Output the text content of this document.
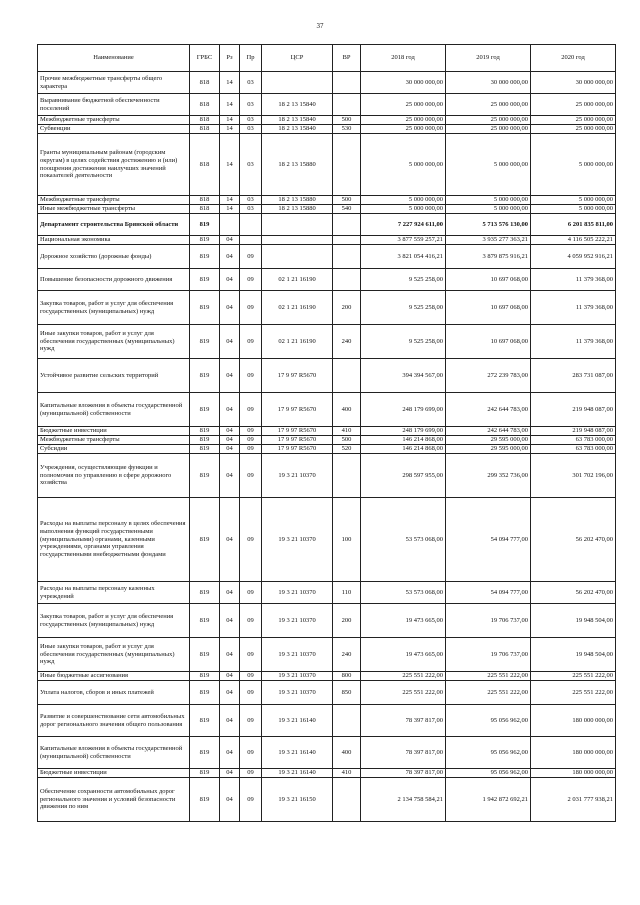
37
Наименование	ГРБС	Рз	Пр	ЦСР	ВР	2018 год	2019 год	2020 год
Прочие межбюджетные трансферты общего характера	818	14	03			30 000 000,00	30 000 000,00	30 000 000,00
Выравнивание бюджетной обеспеченности поселений	818	14	03	18 2 13 15840		25 000 000,00	25 000 000,00	25 000 000,00
Межбюджетные трансферты	818	14	03	18 2 13 15840	500	25 000 000,00	25 000 000,00	25 000 000,00
Субвенции	818	14	03	18 2 13 15840	530	25 000 000,00	25 000 000,00	25 000 000,00
Гранты муниципальным районам (городским округам) в целях содействия достижению и (или) поощрения достижения наилучших значений показателей деятельности	818	14	03	18 2 13 15880		5 000 000,00	5 000 000,00	5 000 000,00
Межбюджетные трансферты	818	14	03	18 2 13 15880	500	5 000 000,00	5 000 000,00	5 000 000,00
Иные межбюджетные трансферты	818	14	03	18 2 13 15880	540	5 000 000,00	5 000 000,00	5 000 000,00
Департамент строительства Брянской области	819					7 227 924 611,00	5 713 576 130,00	6 201 835 811,00
Национальная экономика	819	04				3 877 559 257,21	3 935 277 363,21	4 116 505 222,21
Дорожное хозяйство (дорожные фонды)	819	04	09			3 821 054 416,21	3 879 875 916,21	4 059 952 916,21
Повышение безопасности дорожного движения	819	04	09	02 1 21 16190		9 525 258,00	10 697 068,00	11 379 368,00
Закупка товаров, работ и услуг для обеспечения государственных (муниципальных) нужд	819	04	09	02 1 21 16190	200	9 525 258,00	10 697 068,00	11 379 368,00
Иные закупки товаров, работ и услуг для обеспечения государственных (муниципальных) нужд	819	04	09	02 1 21 16190	240	9 525 258,00	10 697 068,00	11 379 368,00
Устойчивое развитие сельских территорий	819	04	09	17 9 97 R5670		394 394 567,00	272 239 783,00	283 731 087,00
Капитальные вложения в объекты государственной (муниципальной) собственности	819	04	09	17 9 97 R5670	400	248 179 699,00	242 644 783,00	219 948 087,00
Бюджетные инвестиции	819	04	09	17 9 97 R5670	410	248 179 699,00	242 644 783,00	219 948 087,00
Межбюджетные трансферты	819	04	09	17 9 97 R5670	500	146 214 868,00	29 595 000,00	63 783 000,00
Субсидии	819	04	09	17 9 97 R5670	520	146 214 868,00	29 595 000,00	63 783 000,00
Учреждения, осуществляющие функции и полномочия по управлению в сфере дорожного хозяйства	819	04	09	19 3 21 10370		298 597 955,00	299 352 736,00	301 702 196,00
Расходы на выплаты персоналу в целях обеспечения выполнения функций государственными (муниципальными) органами, казенными учреждениями, органами управления государственными внебюджетными фондами	819	04	09	19 3 21 10370	100	53 573 068,00	54 094 777,00	56 202 470,00
Расходы на выплаты персоналу казенных учреждений	819	04	09	19 3 21 10370	110	53 573 068,00	54 094 777,00	56 202 470,00
Закупка товаров, работ и услуг для обеспечения государственных (муниципальных) нужд	819	04	09	19 3 21 10370	200	19 473 665,00	19 706 737,00	19 948 504,00
Иные закупки товаров, работ и услуг для обеспечения государственных (муниципальных) нужд	819	04	09	19 3 21 10370	240	19 473 665,00	19 706 737,00	19 948 504,00
Иные бюджетные ассигнования	819	04	09	19 3 21 10370	800	225 551 222,00	225 551 222,00	225 551 222,00
Уплата налогов, сборов и иных платежей	819	04	09	19 3 21 10370	850	225 551 222,00	225 551 222,00	225 551 222,00
Развитие и совершенствование сети автомобильных дорог регионального значения общего пользования	819	04	09	19 3 21 16140		78 397 817,00	95 056 962,00	180 000 000,00
Капитальные вложения в объекты государственной (муниципальной) собственности	819	04	09	19 3 21 16140	400	78 397 817,00	95 056 962,00	180 000 000,00
Бюджетные инвестиции	819	04	09	19 3 21 16140	410	78 397 817,00	95 056 962,00	180 000 000,00
Обеспечение сохранности автомобильных дорог регионального значения и условий безопасности движения по ним	819	04	09	19 3 21 16150		2 134 758 584,21	1 942 872 692,21	2 031 777 938,21
